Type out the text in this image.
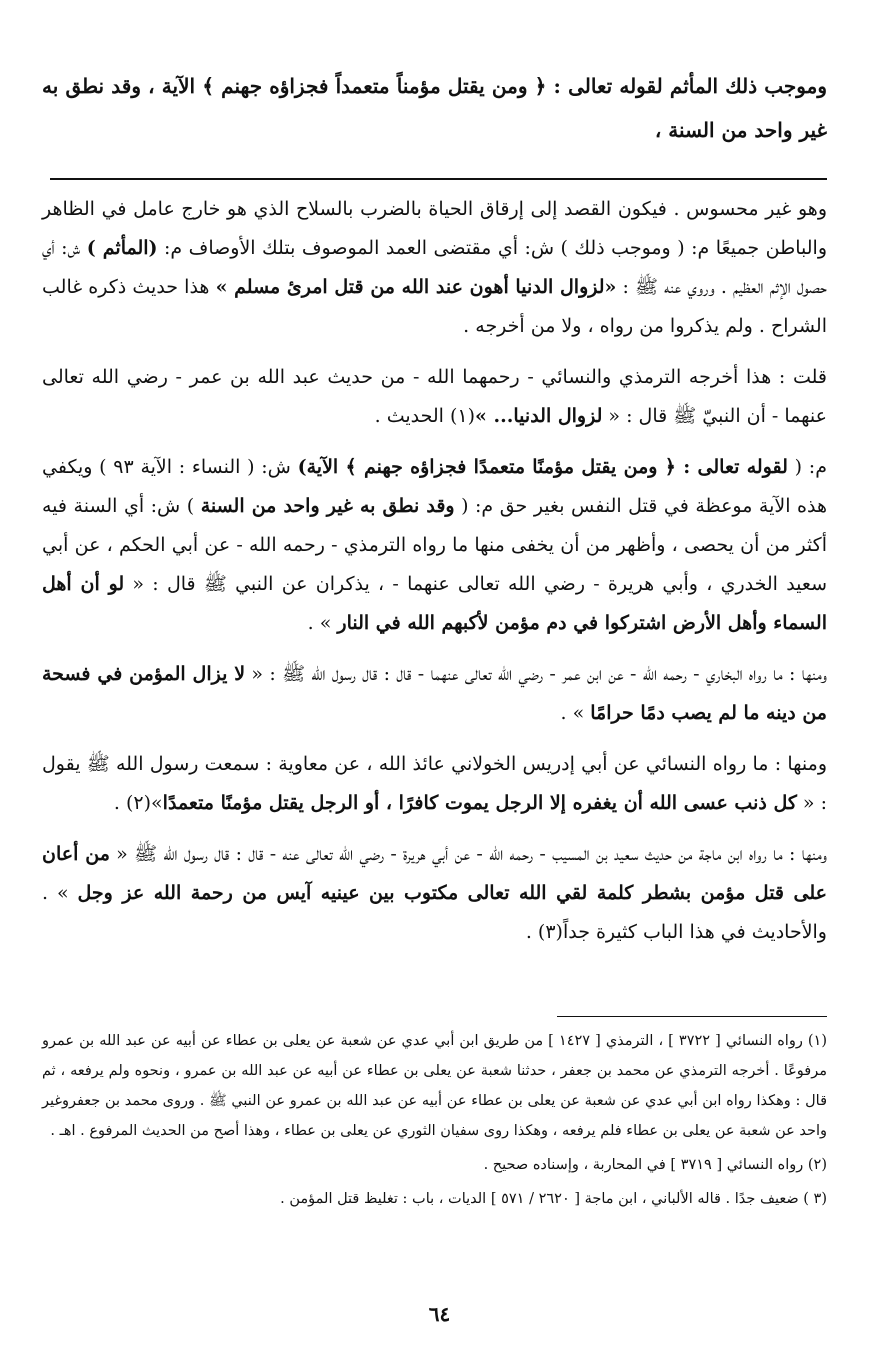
وموجب ذلك المأثم لقوله تعالى : ﴿ ومن يقتل مؤمناً متعمداً فجزاؤه جهنم ﴾ الآية ، وقد نطق به غير واحد من السنة ،

وهو غير محسوس . فيكون القصد إلى إرقاق الحياة بالضرب بالسلاح الذي هو خارج عامل في الظاهر والباطن جميعًا م: ( وموجب ذلك ) ش: أي مقتضى العمد الموصوف بتلك الأوصاف م: (المأثم ) ش: أي حصول الإثم العظيم . وروي عنه ﷺ : «لزوال الدنيا أهون عند الله من قتل امرئ مسلم » هذا حديث ذكره غالب الشراح . ولم يذكروا من رواه ، ولا من أخرجه .

قلت : هذا أخرجه الترمذي والنسائي - رحمهما الله - من حديث عبد الله بن عمر - رضي الله تعالى عنهما - أن النبيّ ﷺ قال : « لزوال الدنيا... »(١) الحديث .

م: ( لقوله تعالى : ﴿ ومن يقتل مؤمنًا متعمدًا فجزاؤه جهنم ﴾ الآية) ش: ( النساء : الآية ٩٣ ) ويكفي هذه الآية موعظة في قتل النفس بغير حق م: ( وقد نطق به غير واحد من السنة ) ش: أي السنة فيه أكثر من أن يحصى ، وأظهر من أن يخفى منها ما رواه الترمذي - رحمه الله - عن أبي الحكم ، عن أبي سعيد الخدري ، وأبي هريرة - رضي الله تعالى عنهما - ، يذكران عن النبي ﷺ قال : « لو أن أهل السماء وأهل الأرض اشتركوا في دم مؤمن لأكبهم الله في النار » .

ومنها : ما رواه البخاري - رحمه الله - عن ابن عمر - رضي الله تعالى عنهما - قال : قال رسول الله ﷺ : « لا يزال المؤمن في فسحة من دينه ما لم يصب دمًا حرامًا » .

ومنها : ما رواه النسائي عن أبي إدريس الخولاني عائذ الله ، عن معاوية : سمعت رسول الله ﷺ يقول : « كل ذنب عسى الله أن يغفره إلا الرجل يموت كافرًا ، أو الرجل يقتل مؤمنًا متعمدًا»(٢) .

ومنها : ما رواه ابن ماجة من حديث سعيد بن المسيب - رحمه الله - عن أبي هريرة - رضي الله تعالى عنه - قال : قال رسول الله ﷺ « من أعان على قتل مؤمن بشطر كلمة لقي الله تعالى مكتوب بين عينيه آيس من رحمة الله عز وجل » . والأحاديث في هذا الباب كثيرة جداً(٣) .

(١) رواه النسائي [ ٣٧٢٢ ] ، الترمذي [ ١٤٢٧ ] من طريق ابن أبي عدي عن شعبة عن يعلى بن عطاء عن أبيه عن عبد الله بن عمرو مرفوعًا . أخرجه الترمذي عن محمد بن جعفر ، حدثنا شعبة عن يعلى بن عطاء عن أبيه عن عبد الله بن عمرو ، ونحوه ولم يرفعه ، ثم قال : وهكذا رواه ابن أبي عدي عن شعبة عن يعلى بن عطاء عن أبيه عن عبد الله بن عمرو عن النبي ﷺ . وروى محمد بن جعفروغير واحد عن شعبة عن يعلى بن عطاء فلم يرفعه ، وهكذا روى سفيان الثوري عن يعلى بن عطاء ، وهذا أصح من الحديث المرفوع . اهـ .

(٢) رواه النسائي [ ٣٧١٩ ] في المحاربة ، وإسناده صحيح .

(٣ ) ضعيف جدًا . قاله الألباني ، ابن ماجة [ ٢٦٢٠ / ٥٧١ ] الديات ، باب : تغليظ قتل المؤمن .

٦٤
